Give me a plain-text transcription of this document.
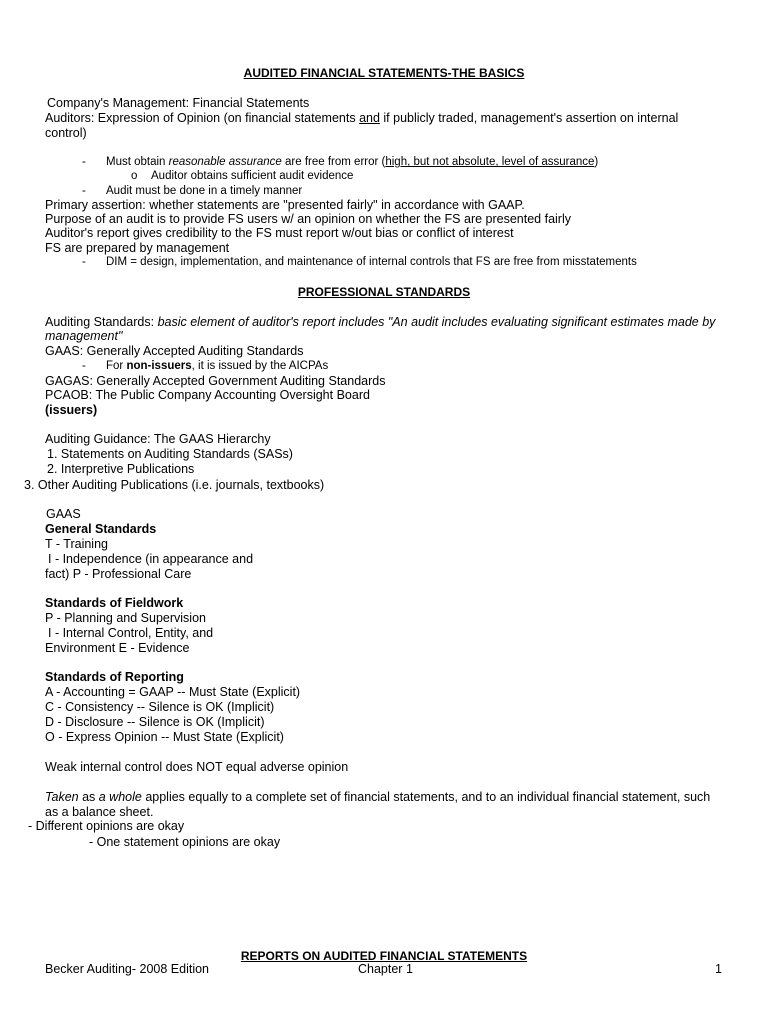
AUDITED FINANCIAL STATEMENTS-THE BASICS
Company's Management: Financial Statements
Auditors: Expression of Opinion (on financial statements and if publicly traded, management's assertion on internal
control)
- Must obtain reasonable assurance are free from error (high, but not absolute, level of assurance)
o Auditor obtains sufficient audit evidence
- Audit must be done in a timely manner
Primary assertion: whether statements are "presented fairly" in accordance with GAAP.
Purpose of an audit is to provide FS users w/ an opinion on whether the FS are presented fairly
Auditor's report gives credibility to the FS must report w/out bias or conflict of interest
FS are prepared by management
- DIM = design, implementation, and maintenance of internal controls that FS are free from misstatements
PROFESSIONAL STANDARDS
Auditing Standards: basic element of auditor's report includes "An audit includes evaluating significant estimates made by
management"
GAAS: Generally Accepted Auditing Standards
- For non-issuers, it is issued by the AICPAs
GAGAS: Generally Accepted Government Auditing Standards
PCAOB: The Public Company Accounting Oversight Board
(issuers)
Auditing Guidance: The GAAS Hierarchy
1. Statements on Auditing Standards (SASs)
2. Interpretive Publications
3. Other Auditing Publications (i.e. journals, textbooks)
GAAS
General Standards
T - Training
I - Independence (in appearance and
fact) P - Professional Care
Standards of Fieldwork
P - Planning and Supervision
I - Internal Control, Entity, and
Environment E - Evidence
Standards of Reporting
A - Accounting = GAAP -- Must State (Explicit)
C - Consistency -- Silence is OK (Implicit)
D - Disclosure -- Silence is OK (Implicit)
O - Express Opinion -- Must State (Explicit)
Weak internal control does NOT equal adverse opinion
Taken as a whole applies equally to a complete set of financial statements, and to an individual financial statement, such
as a balance sheet.
- Different opinions are okay
- One statement opinions are okay
REPORTS ON AUDITED FINANCIAL STATEMENTS
Becker Auditing- 2008 Edition	Chapter 1	1
